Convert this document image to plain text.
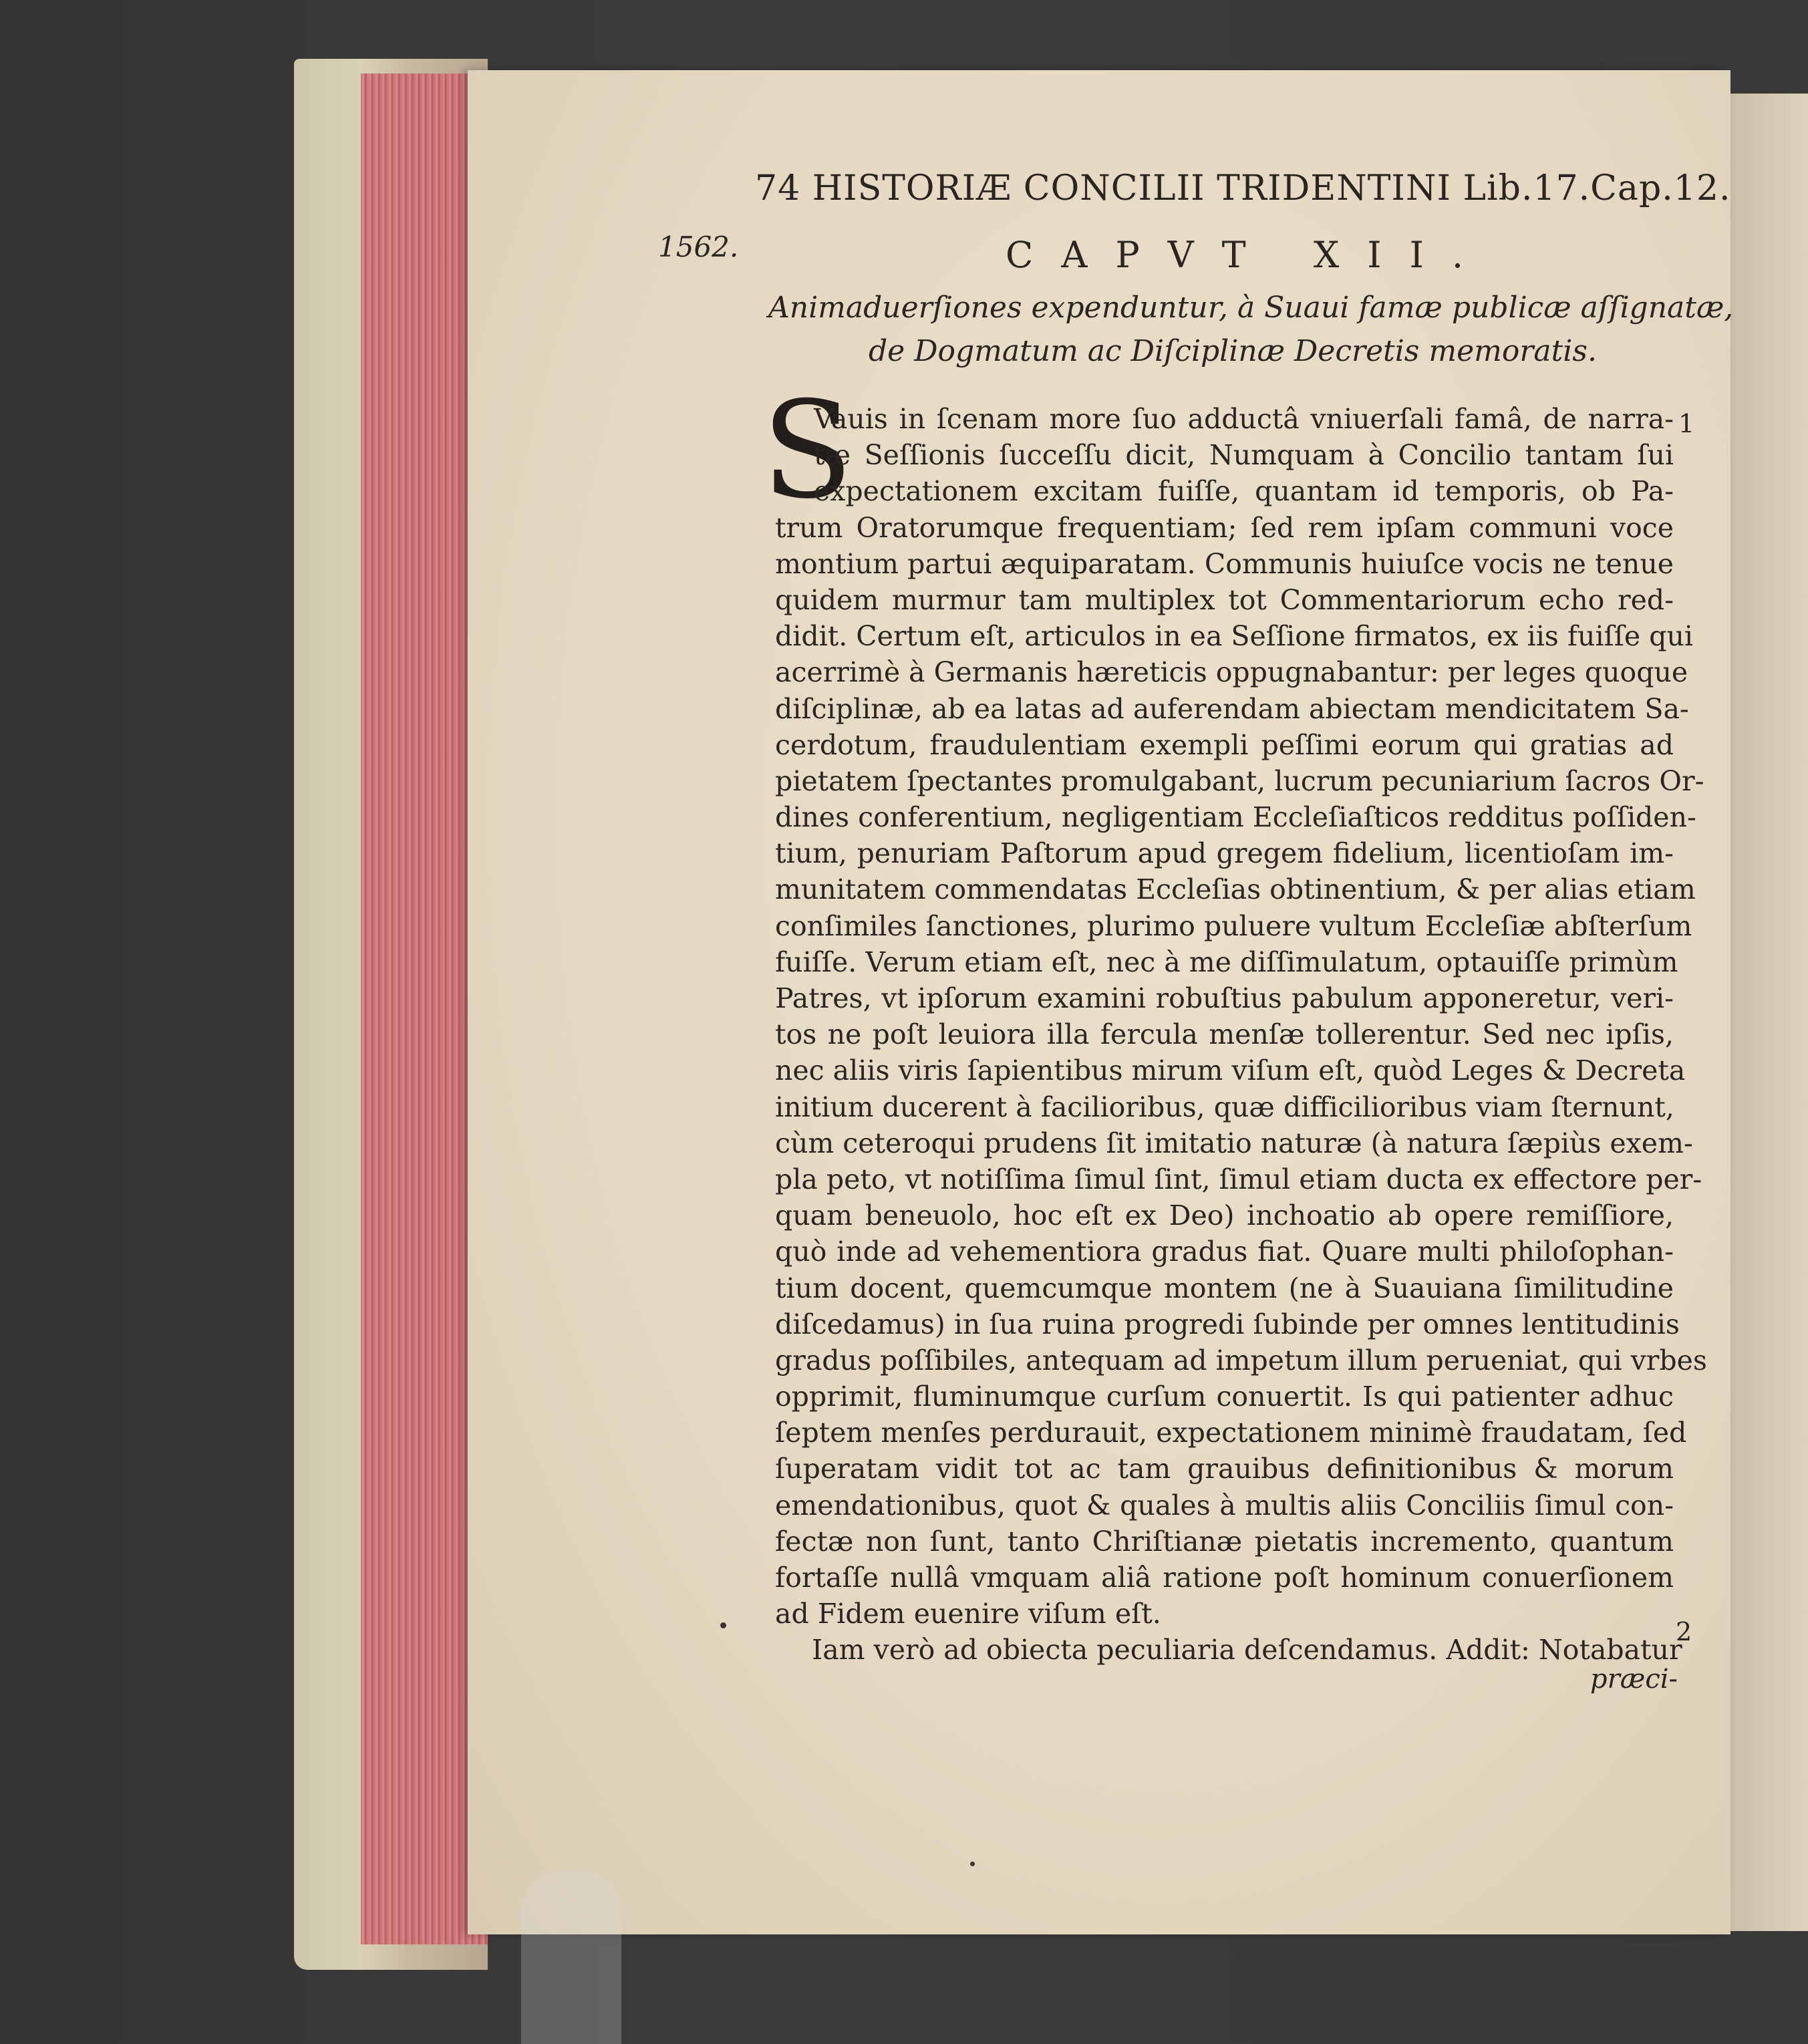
74 HISTORIÆ CONCILII TRIDENTINI Lib.17.Cap.12.
1562.	CAPVT XII.
Animaduerſiones expenduntur, à Suaui famæ publicæ aſſignatæ,
de Dogmatum ac Diſciplinæ Decretis memoratis.
S
Vauis in ſcenam more ſuo adductâ vniuerſali famâ, de narra-
tæ Seſſionis ſucceſſu dicit, Numquam à Concilio tantam ſui
expectationem excitam fuiſſe, quantam id temporis, ob Pa-
trum Oratorumque frequentiam; ſed rem ipſam communi voce
montium partui æquiparatam. Communis huiuſce vocis ne tenue
quidem murmur tam multiplex tot Commentariorum echo red-
didit. Certum eſt, articulos in ea Seſſione firmatos, ex iis fuiſſe qui
acerrimè à Germanis hæreticis oppugnabantur: per leges quoque
diſciplinæ, ab ea latas ad auferendam abiectam mendicitatem Sa-
cerdotum, fraudulentiam exempli peſſimi eorum qui gratias ad
pietatem ſpectantes promulgabant, lucrum pecuniarium ſacros Or-
dines conferentium, negligentiam Eccleſiaſticos redditus poſſiden-
tium, penuriam Paſtorum apud gregem fidelium, licentioſam im-
munitatem commendatas Eccleſias obtinentium, & per alias etiam
conſimiles ſanctiones, plurimo puluere vultum Eccleſiæ abſterſum
fuiſſe. Verum etiam eſt, nec à me diſſimulatum, optauiſſe primùm
Patres, vt ipſorum examini robuſtius pabulum apponeretur, veri-
tos ne poſt leuiora illa fercula menſæ tollerentur. Sed nec ipſis,
nec aliis viris ſapientibus mirum viſum eſt, quòd Leges & Decreta
initium ducerent à facilioribus, quæ difficilioribus viam ſternunt,
cùm ceteroqui prudens ſit imitatio naturæ (à natura ſæpiùs exem-
pla peto, vt notiſſima ſimul ſint, ſimul etiam ducta ex effectore per-
quam beneuolo, hoc eſt ex Deo) inchoatio ab opere remiſſiore,
quò inde ad vehementiora gradus fiat. Quare multi philoſophan-
tium docent, quemcumque montem (ne à Suauiana ſimilitudine
diſcedamus) in ſua ruina progredi ſubinde per omnes lentitudinis
gradus poſſibiles, antequam ad impetum illum perueniat, qui vrbes
opprimit, fluminumque curſum conuertit. Is qui patienter adhuc
ſeptem menſes perdurauit, expectationem minimè fraudatam, ſed
ſuperatam vidit tot ac tam grauibus definitionibus & morum
emendationibus, quot & quales à multis aliis Conciliis ſimul con-
fectæ non ſunt, tanto Chriſtianæ pietatis incremento, quantum
fortaſſe nullâ vmquam aliâ ratione poſt hominum conuerſionem
ad Fidem euenire viſum eſt.
Iam verò ad obiecta peculiaria deſcendamus. Addit: Notabatur
1
2
præci-
